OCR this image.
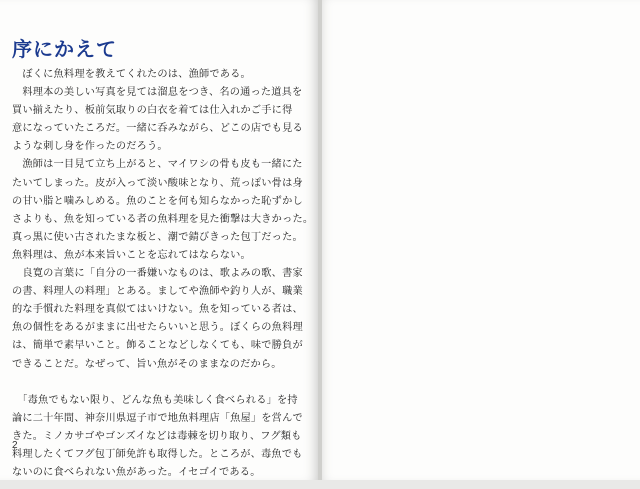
序にかえて

　ぼくに魚料理を教えてくれたのは、漁師である。

　料理本の美しい写真を見ては溜息をつき、名の通った道具を

買い揃えたり、板前気取りの白衣を着ては仕入れかご手に得

意になっていたころだ。一緒に呑みながら、どこの店でも見る

ような刺し身を作ったのだろう。

　漁師は一目見て立ち上がると、マイワシの骨も皮も一緒にた

たいてしまった。皮が入って淡い酸味となり、荒っぽい骨は身

の甘い脂と噛みしめる。魚のことを何も知らなかった恥ずかし

さよりも、魚を知っている者の魚料理を見た衝撃は大きかった。

真っ黒に使い古されたまな板と、潮で錆びきった包丁だった。

魚料理は、魚が本来旨いことを忘れてはならない。

　良寛の言葉に「自分の一番嫌いなものは、歌よみの歌、書家

の書、料理人の料理」とある。ましてや漁師や釣り人が、職業

的な手慣れた料理を真似てはいけない。魚を知っている者は、

魚の個性をあるがままに出せたらいいと思う。ぼくらの魚料理

は、簡単で素早いこと。飾ることなどしなくても、味で勝負が

できることだ。なぜって、旨い魚がそのままなのだから。

　「毒魚でもない限り、どんな魚も美味しく食べられる」を持

論に二十年間、神奈川県逗子市で地魚料理店「魚屋」を営んで

きた。ミノカサゴやゴンズイなどは毒棘を切り取り、フグ類も

料理したくてフグ包丁師免許も取得した。ところが、毒魚でも

ないのに食べられない魚があった。イセゴイである。

2
